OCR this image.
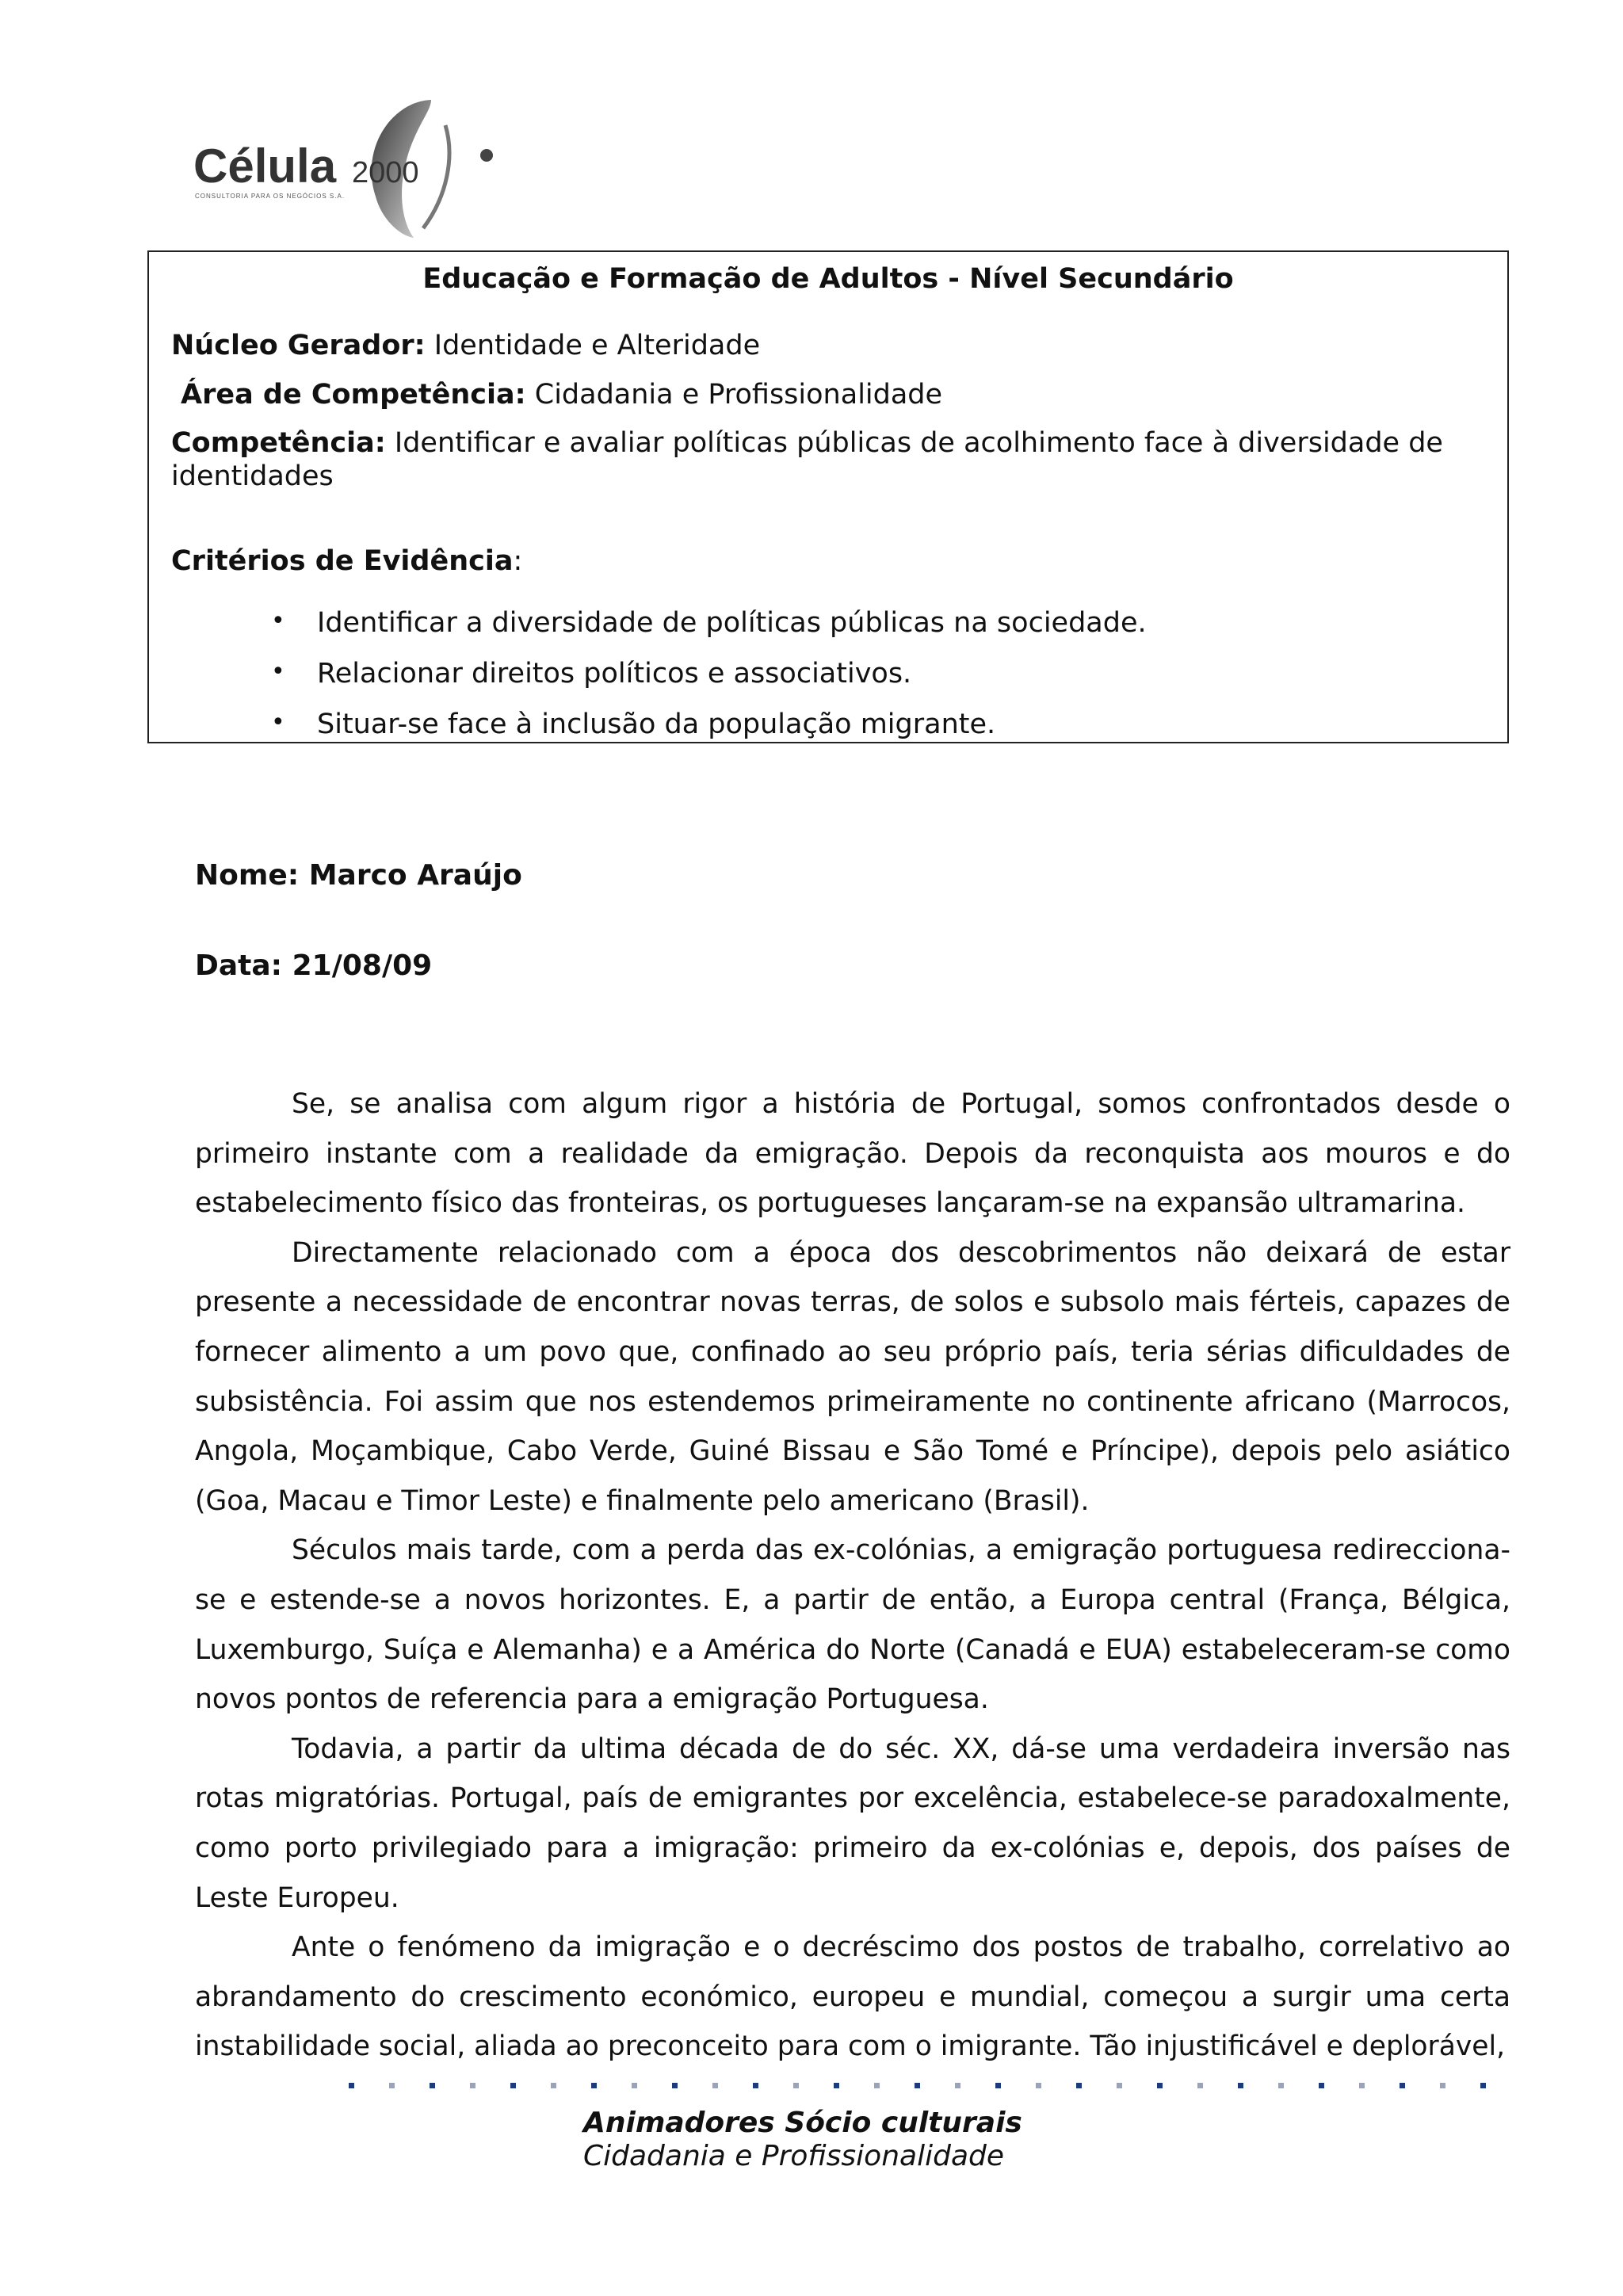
Célula 2000
CONSULTORIA PARA OS NEGÓCIOS S.A.
Educação e Formação de Adultos - Nível Secundário
Núcleo Gerador: Identidade e Alteridade
Área de Competência: Cidadania e Profissionalidade
Competência: Identificar e avaliar políticas públicas de acolhimento face à diversidade de identidades
Critérios de Evidência:
• Identificar a diversidade de políticas públicas na sociedade.
• Relacionar direitos políticos e associativos.
• Situar-se face à inclusão da população migrante.
Nome: Marco Araújo
Data: 21/08/09

Se, se analisa com algum rigor a história de Portugal, somos confrontados desde o primeiro instante com a realidade da emigração. Depois da reconquista aos mouros e do estabelecimento físico das fronteiras, os portugueses lançaram-se na expansão ultramarina.

Directamente relacionado com a época dos descobrimentos não deixará de estar presente a necessidade de encontrar novas terras, de solos e subsolo mais férteis, capazes de fornecer alimento a um povo que, confinado ao seu próprio país, teria sérias dificuldades de subsistência. Foi assim que nos estendemos primeiramente no continente africano (Marrocos, Angola, Moçambique, Cabo Verde, Guiné Bissau e São Tomé e Príncipe), depois pelo asiático (Goa, Macau e Timor Leste) e finalmente pelo americano (Brasil).

Séculos mais tarde, com a perda das ex-colónias, a emigração portuguesa redirecciona-se e estende-se a novos horizontes. E, a partir de então, a Europa central (França, Bélgica, Luxemburgo, Suíça e Alemanha) e a América do Norte (Canadá e EUA) estabeleceram-se como novos pontos de referencia para a emigração Portuguesa.

Todavia, a partir da ultima década de do séc. XX, dá-se uma verdadeira inversão nas rotas migratórias. Portugal, país de emigrantes por excelência, estabelece-se paradoxalmente, como porto privilegiado para a imigração: primeiro da ex-colónias e, depois, dos países de Leste Europeu.

Ante o fenómeno da imigração e o decréscimo dos postos de trabalho, correlativo ao abrandamento do crescimento económico, europeu e mundial, começou a surgir uma certa instabilidade social, aliada ao preconceito para com o imigrante. Tão injustificável e deplorável,

Animadores Sócio culturais
Cidadania e Profissionalidade
